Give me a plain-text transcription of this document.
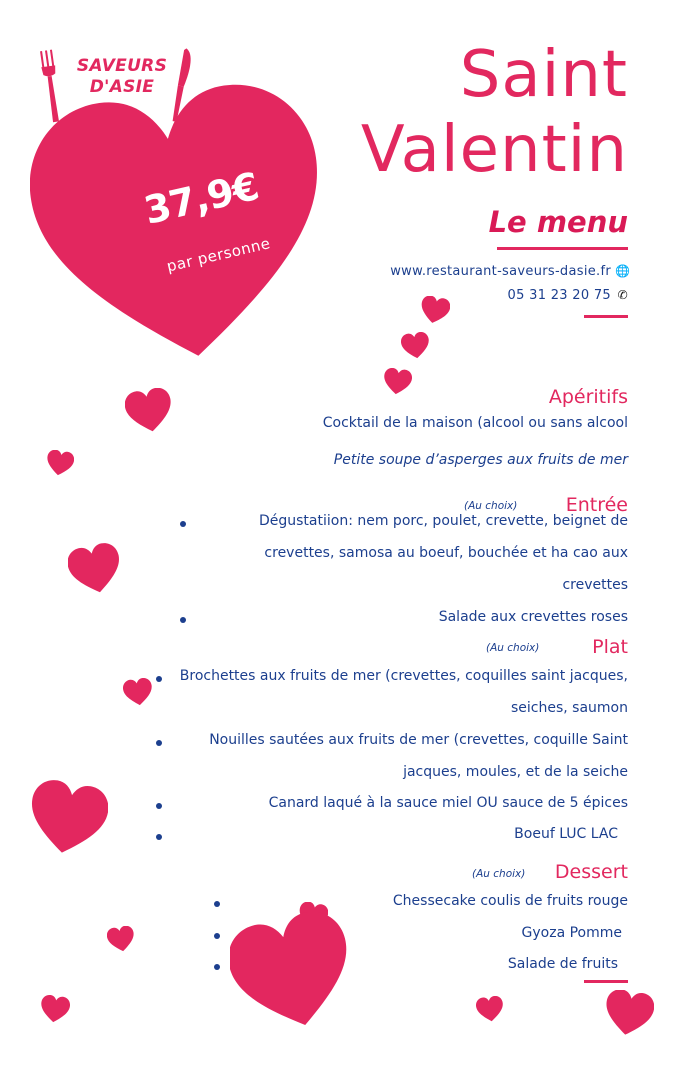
SAVEURS
D'ASIE
37,9€
par personne
Saint
Valentin
Le menu
www.restaurant-saveurs-dasie.fr 🌐
05 31 23 20 75 ✆
Apéritifs
Cocktail de la maison (alcool ou sans alcool
Petite soupe d’asperges aux fruits de mer
(Au choix)	Entrée
Dégustatiion: nem porc, poulet, crevette, beignet de
crevettes, samosa au boeuf, bouchée et ha cao aux
crevettes
Salade aux crevettes roses
(Au choix)	Plat
Brochettes aux fruits de mer (crevettes, coquilles saint jacques,
seiches, saumon
Nouilles sautées aux fruits de mer (crevettes, coquille Saint
jacques, moules, et de la seiche
Canard laqué à la sauce miel OU sauce de 5 épices
Boeuf LUC LAC
(Au choix) Dessert
Chessecake coulis de fruits rouge
Gyoza Pomme
Salade de fruits
